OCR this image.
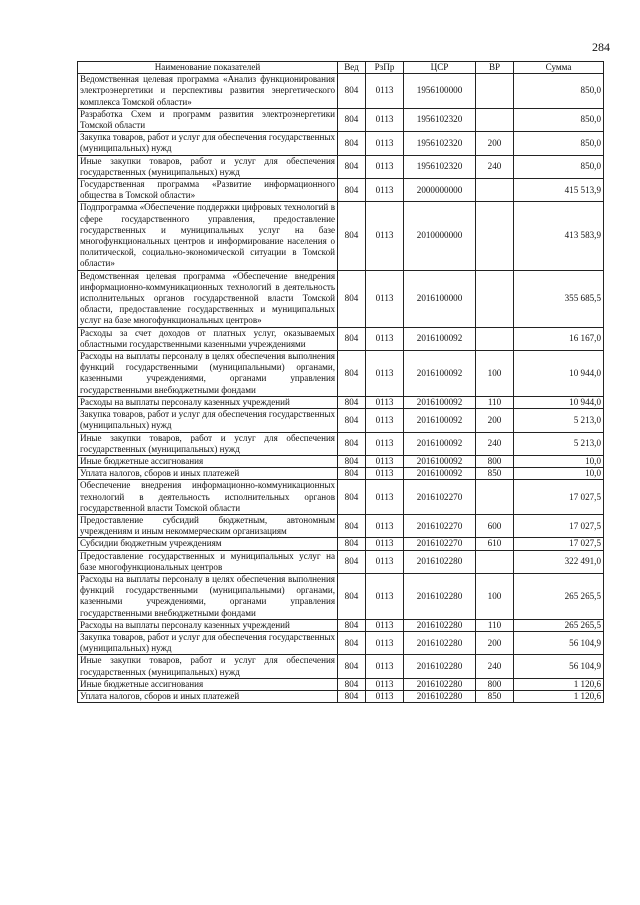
284
Наименование показателей	Вед	РзПр	ЦСР	ВР	Сумма
Ведомственная целевая программа «Анализ функционирования электроэнергетики и перспективы развития энергетического комплекса Томской области»	804	0113	1956100000		850,0
Разработка Схем и программ развития электроэнергетики Томской области	804	0113	1956102320		850,0
Закупка товаров, работ и услуг для обеспечения государственных (муниципальных) нужд	804	0113	1956102320	200	850,0
Иные закупки товаров, работ и услуг для обеспечения государственных (муниципальных) нужд	804	0113	1956102320	240	850,0
Государственная программа «Развитие информационного общества в Томской области»	804	0113	2000000000		415 513,9
Подпрограмма «Обеспечение поддержки цифровых технологий в сфере государственного управления, предоставление государственных и муниципальных услуг на базе многофункциональных центров и информирование населения о политической, социально-экономической ситуации в Томской области»	804	0113	2010000000		413 583,9
Ведомственная целевая программа «Обеспечение внедрения информационно-коммуникационных технологий в деятельность исполнительных органов государственной власти Томской области, предоставление государственных и муниципальных услуг на базе многофункциональных центров»	804	0113	2016100000		355 685,5
Расходы за счет доходов от платных услуг, оказываемых областными государственными казенными учреждениями	804	0113	2016100092		16 167,0
Расходы на выплаты персоналу в целях обеспечения выполнения функций государственными (муниципальными) органами, казенными учреждениями, органами управления государственными внебюджетными фондами	804	0113	2016100092	100	10 944,0
Расходы на выплаты персоналу казенных учреждений	804	0113	2016100092	110	10 944,0
Закупка товаров, работ и услуг для обеспечения государственных (муниципальных) нужд	804	0113	2016100092	200	5 213,0
Иные закупки товаров, работ и услуг для обеспечения государственных (муниципальных) нужд	804	0113	2016100092	240	5 213,0
Иные бюджетные ассигнования	804	0113	2016100092	800	10,0
Уплата налогов, сборов и иных платежей	804	0113	2016100092	850	10,0
Обеспечение внедрения информационно-коммуникационных технологий в деятельность исполнительных органов государственной власти Томской области	804	0113	2016102270		17 027,5
Предоставление субсидий бюджетным, автономным учреждениям и иным некоммерческим организациям	804	0113	2016102270	600	17 027,5
Субсидии бюджетным учреждениям	804	0113	2016102270	610	17 027,5
Предоставление государственных и муниципальных услуг на базе многофункциональных центров	804	0113	2016102280		322 491,0
Расходы на выплаты персоналу в целях обеспечения выполнения функций государственными (муниципальными) органами, казенными учреждениями, органами управления государственными внебюджетными фондами	804	0113	2016102280	100	265 265,5
Расходы на выплаты персоналу казенных учреждений	804	0113	2016102280	110	265 265,5
Закупка товаров, работ и услуг для обеспечения государственных (муниципальных) нужд	804	0113	2016102280	200	56 104,9
Иные закупки товаров, работ и услуг для обеспечения государственных (муниципальных) нужд	804	0113	2016102280	240	56 104,9
Иные бюджетные ассигнования	804	0113	2016102280	800	1 120,6
Уплата налогов, сборов и иных платежей	804	0113	2016102280	850	1 120,6
